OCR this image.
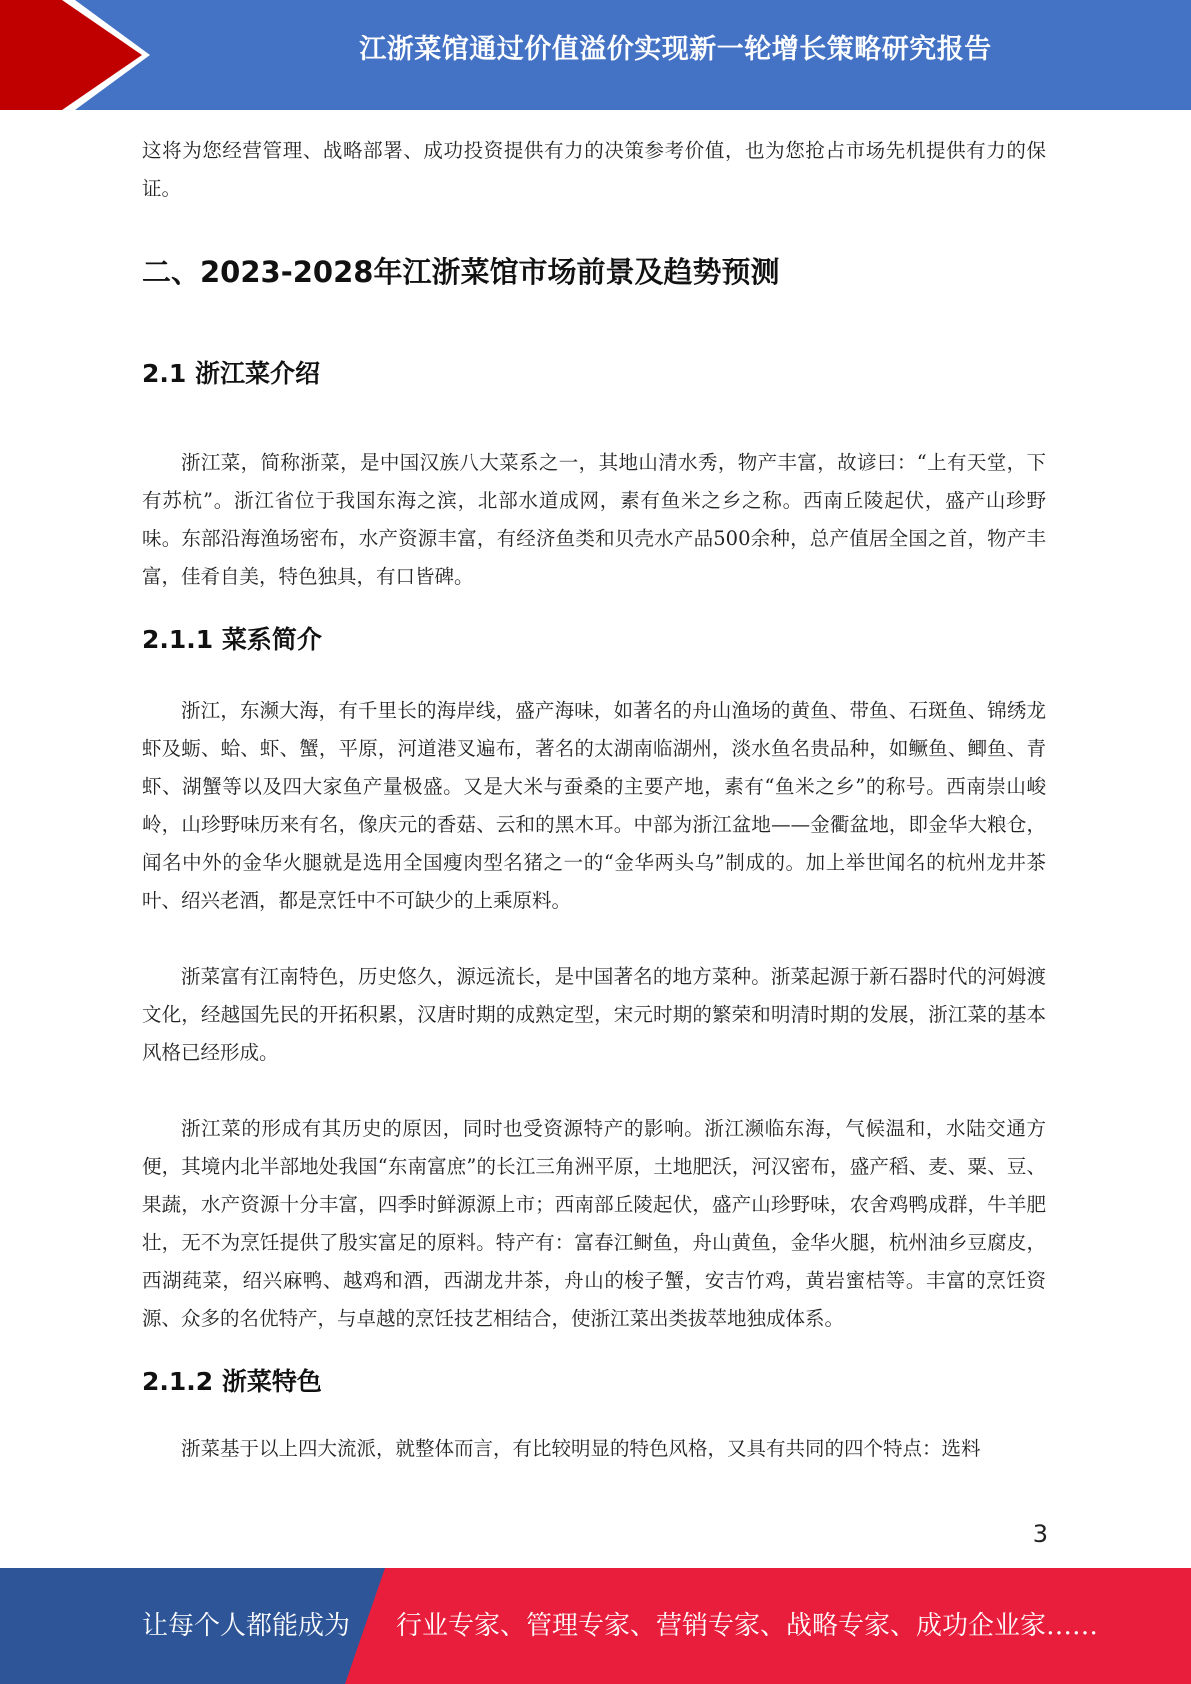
江浙菜馆通过价值溢价实现新一轮增长策略研究报告

这将为您经营管理、战略部署、成功投资提供有力的决策参考价值，也为您抢占市场先机提供有力的保证。

二、2023-2028年江浙菜馆市场前景及趋势预测
2.1 浙江菜介绍

浙江菜，简称浙菜，是中国汉族八大菜系之一，其地山清水秀，物产丰富，故谚曰：“上有天堂，下有苏杭”。浙江省位于我国东海之滨，北部水道成网，素有鱼米之乡之称。西南丘陵起伏，盛产山珍野味。东部沿海渔场密布，水产资源丰富，有经济鱼类和贝壳水产品500余种，总产值居全国之首，物产丰富，佳肴自美，特色独具，有口皆碑。

2.1.1 菜系简介

浙江，东濒大海，有千里长的海岸线，盛产海味，如著名的舟山渔场的黄鱼、带鱼、石斑鱼、锦绣龙虾及蛎、蛤、虾、蟹，平原，河道港叉遍布，著名的太湖南临湖州，淡水鱼名贵品种，如鳜鱼、鲫鱼、青虾、湖蟹等以及四大家鱼产量极盛。又是大米与蚕桑的主要产地，素有“鱼米之乡”的称号。西南崇山峻岭，山珍野味历来有名，像庆元的香菇、云和的黑木耳。中部为浙江盆地——金衢盆地，即金华大粮仓，闻名中外的金华火腿就是选用全国瘦肉型名猪之一的“金华两头乌”制成的。加上举世闻名的杭州龙井茶叶、绍兴老酒，都是烹饪中不可缺少的上乘原料。

浙菜富有江南特色，历史悠久，源远流长，是中国著名的地方菜种。浙菜起源于新石器时代的河姆渡文化，经越国先民的开拓积累，汉唐时期的成熟定型，宋元时期的繁荣和明清时期的发展，浙江菜的基本风格已经形成。

浙江菜的形成有其历史的原因，同时也受资源特产的影响。浙江濒临东海，气候温和，水陆交通方便，其境内北半部地处我国“东南富庶”的长江三角洲平原，土地肥沃，河汉密布，盛产稻、麦、粟、豆、果蔬，水产资源十分丰富，四季时鲜源源上市；西南部丘陵起伏，盛产山珍野味，农舍鸡鸭成群，牛羊肥壮，无不为烹饪提供了殷实富足的原料。特产有：富春江鲥鱼，舟山黄鱼，金华火腿，杭州油乡豆腐皮，西湖莼菜，绍兴麻鸭、越鸡和酒，西湖龙井茶，舟山的梭子蟹，安吉竹鸡，黄岩蜜桔等。丰富的烹饪资源、众多的名优特产，与卓越的烹饪技艺相结合，使浙江菜出类拔萃地独成体系。

2.1.2 浙菜特色

浙菜基于以上四大流派，就整体而言，有比较明显的特色风格，又具有共同的四个特点：选料

3
让每个人都能成为 行业专家、管理专家、营销专家、战略专家、成功企业家……
